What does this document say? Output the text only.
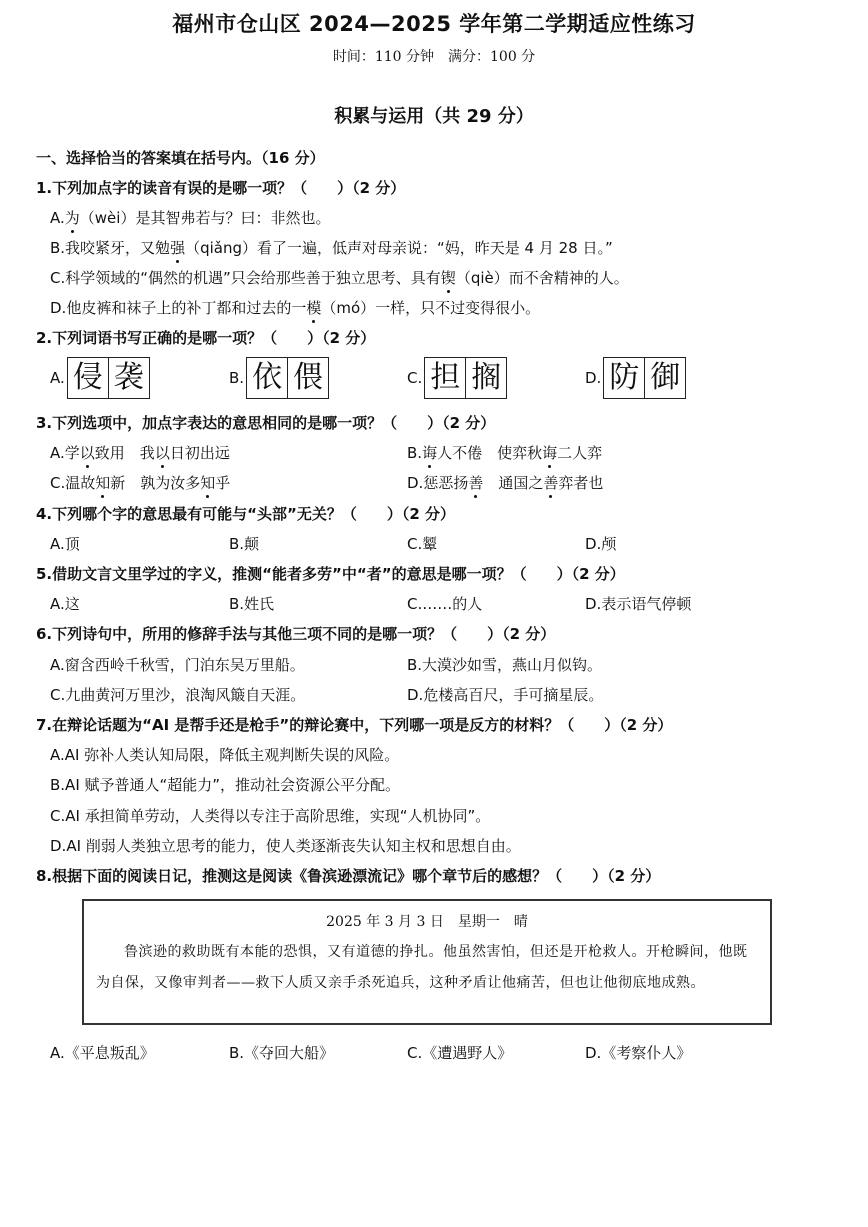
福州市仓山区 2024—2025 学年第二学期适应性练习
时间：110 分钟　满分：100 分
积累与运用（共 29 分）
一、选择恰当的答案填在括号内。（16 分）
1.下列加点字的读音有误的是哪一项？（　　）（2 分）
A.为（wèi）是其智弗若与？曰：非然也。
B.我咬紧牙，又勉强（qiǎng）看了一遍，低声对母亲说：“妈，昨天是 4 月 28 日。”
C.科学领域的“偶然的机遇”只会给那些善于独立思考、具有锲（qiè）而不舍精神的人。
D.他皮裤和袜子上的补丁都和过去的一模（mó）一样，只不过变得很小。
2.下列词语书写正确的是哪一项？（　　）（2 分）
A. 侵 袭	B. 依 偎	C. 担 搁	D. 防 御
3.下列选项中，加点字表达的意思相同的是哪一项？（　　）（2 分）
A.学以致用　我以日初出远	B.诲人不倦　使弈秋诲二人弈
C.温故知新　孰为汝多知乎	D.惩恶扬善　通国之善弈者也
4.下列哪个字的意思最有可能与“头部”无关？（　　）（2 分）
A.顶	B.颠	C.颦	D.颅
5.借助文言文里学过的字义，推测“能者多劳”中“者”的意思是哪一项？（　　）（2 分）
A.这	B.姓氏	C.……的人	D.表示语气停顿
6.下列诗句中，所用的修辞手法与其他三项不同的是哪一项？（　　）（2 分）
A.窗含西岭千秋雪，门泊东吴万里船。	B.大漠沙如雪，燕山月似钩。
C.九曲黄河万里沙，浪淘风簸自天涯。	D.危楼高百尺，手可摘星辰。
7.在辩论话题为“AI 是帮手还是枪手”的辩论赛中，下列哪一项是反方的材料？（　　）（2 分）
A.AI 弥补人类认知局限，降低主观判断失误的风险。
B.AI 赋予普通人“超能力”，推动社会资源公平分配。
C.AI 承担简单劳动，人类得以专注于高阶思维，实现“人机协同”。
D.AI 削弱人类独立思考的能力，使人类逐渐丧失认知主权和思想自由。
8.根据下面的阅读日记，推测这是阅读《鲁滨逊漂流记》哪个章节后的感想？（　　）（2 分）
2025 年 3 月 3 日　星期一　晴
鲁滨逊的救助既有本能的恐惧，又有道德的挣扎。他虽然害怕，但还是开枪救人。开枪瞬间，他既为自保，又像审判者——救下人质又亲手杀死追兵，这种矛盾让他痛苦，但也让他彻底地成熟。
A.《平息叛乱》	B.《夺回大船》	C.《遭遇野人》	D.《考察仆人》
